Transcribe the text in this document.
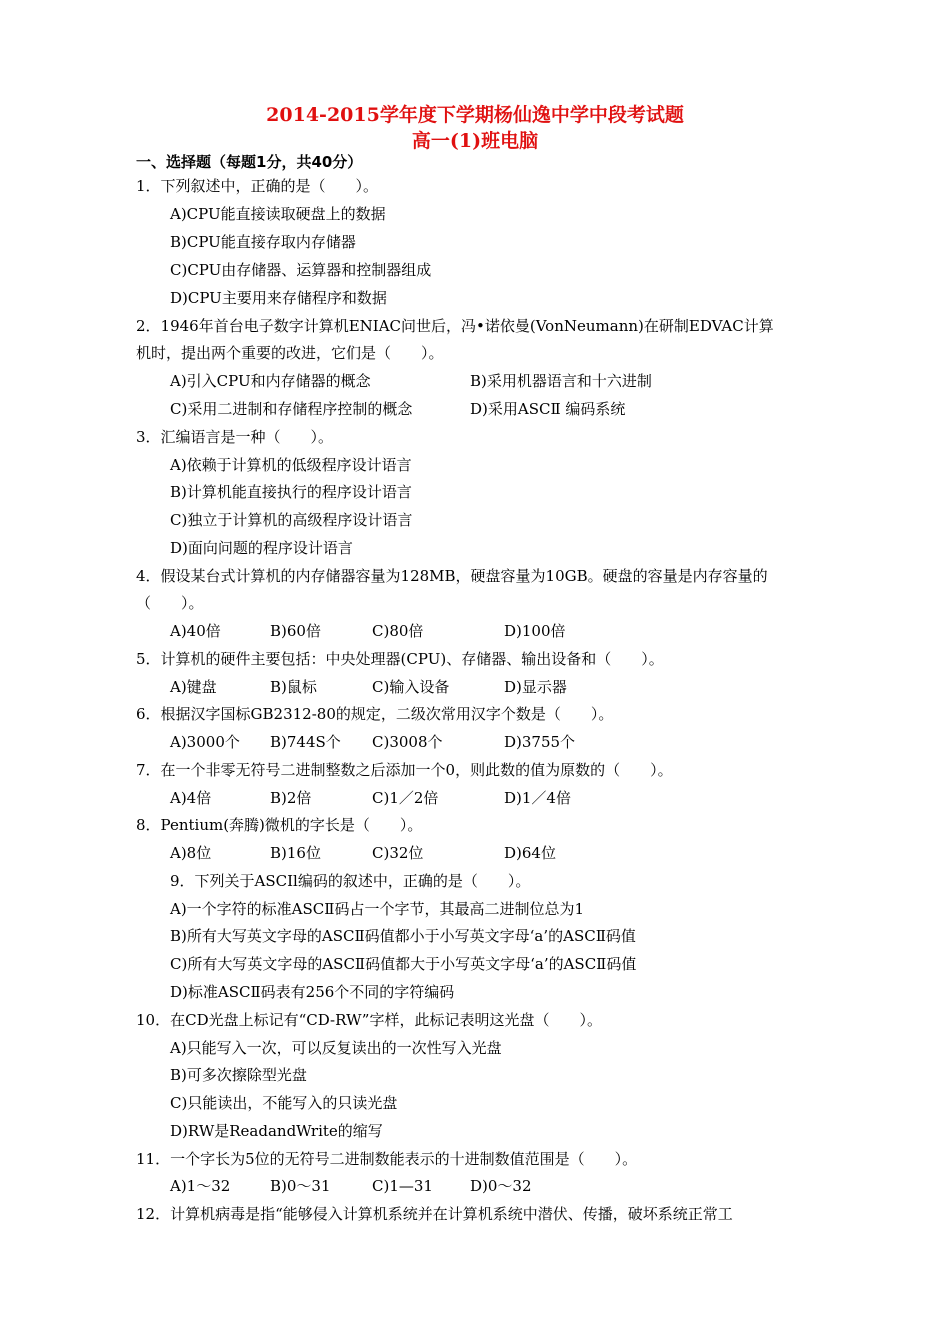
2014-2015学年度下学期杨仙逸中学中段考试题
高一(1)班电脑
一、选择题（每题1分，共40分）
1．下列叙述中，正确的是（　　）。
A)CPU能直接读取硬盘上的数据
B)CPU能直接存取内存储器
C)CPU由存储器、运算器和控制器组成
D)CPU主要用来存储程序和数据
2．1946年首台电子数字计算机ENIAC问世后，冯•诺依曼(VonNeumann)在研制EDVAC计算
机时，提出两个重要的改进，它们是（　　）。
A)引入CPU和内存储器的概念	B)采用机器语言和十六进制
C)采用二进制和存储程序控制的概念	D)采用ASCⅡ 编码系统
3．汇编语言是一种（　　）。
A)依赖于计算机的低级程序设计语言
B)计算机能直接执行的程序设计语言
C)独立于计算机的高级程序设计语言
D)面向问题的程序设计语言
4．假设某台式计算机的内存储器容量为128MB，硬盘容量为10GB。硬盘的容量是内存容量的
（　　）。
A)40倍	B)60倍	C)80倍	D)100倍
5．计算机的硬件主要包括：中央处理器(CPU)、存储器、输出设备和（　　）。
A)键盘	B)鼠标	C)输入设备	D)显示器
6．根据汉字国标GB2312-80的规定，二级次常用汉字个数是（　　）。
A)3000个 B)744S个 C)3008个	D)3755个
7．在一个非零无符号二进制整数之后添加一个0，则此数的值为原数的（　　）。
A)4倍	B)2倍	C)1／2倍	D)1／4倍
8．Pentium(奔腾)微机的字长是（　　）。
A)8位	B)16位	C)32位	D)64位
9．下列关于ASCIl编码的叙述中，正确的是（　　）。
A)一个字符的标准ASCⅡ码占一个字节，其最高二进制位总为1
B)所有大写英文字母的ASCⅡ码值都小于小写英文字母‘a’的ASCⅡ码值
C)所有大写英文字母的ASCⅡ码值都大于小写英文字母‘a’的ASCⅡ码值
D)标准ASCⅡ码表有256个不同的字符编码
10．在CD光盘上标记有“CD-RW”字样，此标记表明这光盘（　　）。
A)只能写入一次，可以反复读出的一次性写入光盘
B)可多次擦除型光盘
C)只能读出，不能写入的只读光盘
D)RW是ReadandWrite的缩写
11．一个字长为5位的无符号二进制数能表示的十进制数值范围是（　　）。
A)1～32	B)0～31	C)1—31 D)0～32
12．计算机病毒是指“能够侵入计算机系统并在计算机系统中潜伏、传播，破坏系统正常工
